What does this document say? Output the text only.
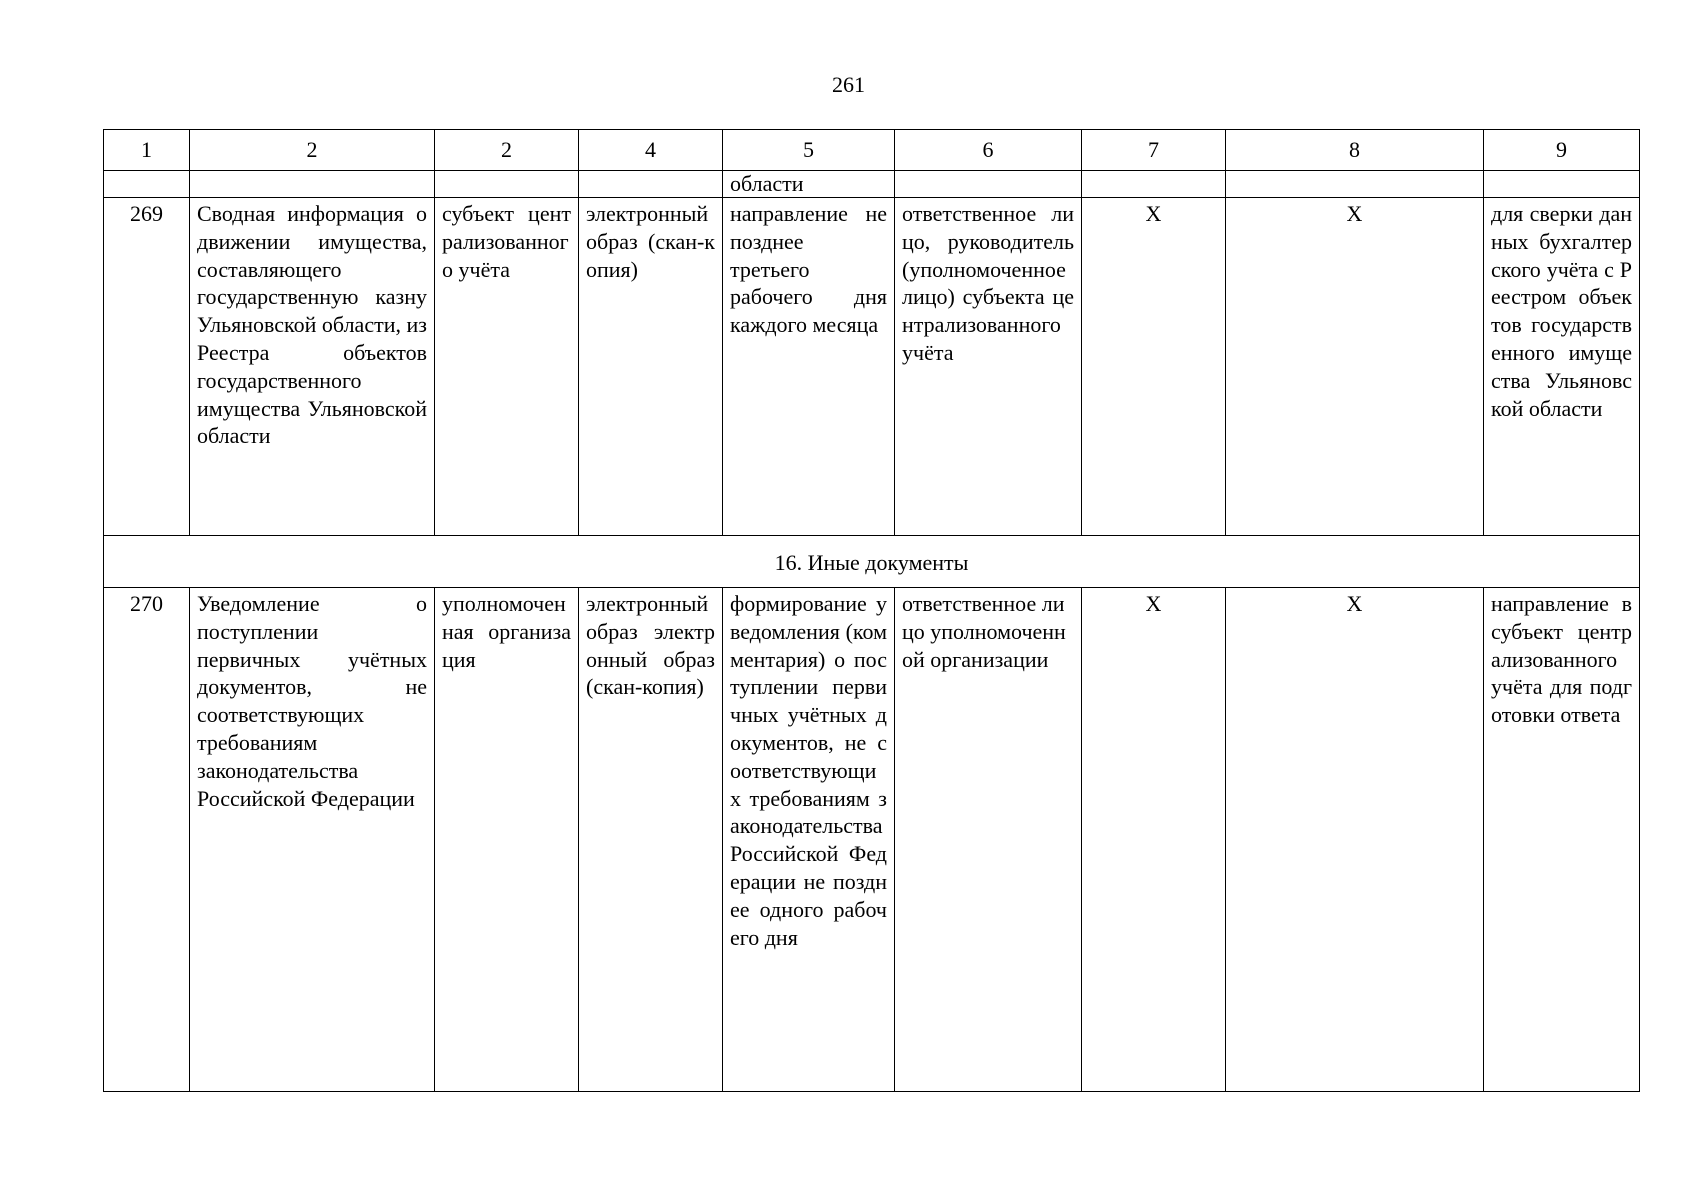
261
1	2	2	4	5	6	7	8	9
				области				
269	Сводная информация о движении имущества, составляющего государственную казну Ульяновской области, из Реестра объектов государственного имущества Ульяновской области	субъект централизованного учёта	электронный образ (скан-копия)	направление не позднее третьего рабочего дня каждого месяца	ответственное лицо, руководитель (уполномоченное лицо) субъекта централизованного учёта	X	X	для сверки данных бухгалтерского учёта с Реестром объектов государственного имущества Ульяновской области
16. Иные документы								
270	Уведомление о поступлении первичных учётных документов, не соответствующих требованиям законодательства Российской Федерации	уполномоченная организация	электронный образ электронный образ (скан-копия)	формирование уведомления (комментария) о поступлении первичных учётных документов, не соответствующих требованиям законодательства Российской Федерации не позднее одного рабочего дня	ответственное лицо уполномоченной организации	X	X	направление в субъект централизованного учёта для подготовки ответа
